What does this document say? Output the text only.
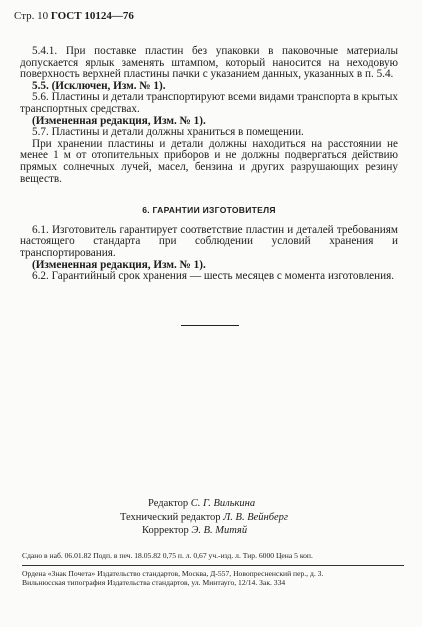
Стр. 10 ГОСТ 10124—76

5.4.1. При поставке пластин без упаковки в паковочные материалы допускается ярлык заменять штампом, который наносится на неходовую поверхность верхней пластины пачки с указанием данных, указанных в п. 5.4.

5.5. (Исключен, Изм. № 1).

5.6. Пластины и детали транспортируют всеми видами транспорта в крытых транспортных средствах.

(Измененная редакция, Изм. № 1).

5.7. Пластины и детали должны храниться в помещении.

При хранении пластины и детали должны находиться на расстоянии не менее 1 м от отопительных приборов и не должны подвергаться действию прямых солнечных лучей, масел, бензина и других разрушающих резину веществ.

6. ГАРАНТИИ ИЗГОТОВИТЕЛЯ

6.1. Изготовитель гарантирует соответствие пластин и деталей требованиям настоящего стандарта при соблюдении условий хранения и транспортирования.

(Измененная редакция, Изм. № 1).

6.2. Гарантийный срок хранения — шесть месяцев с момента изготовления.

Редактор С. Г. Вилькина
Технический редактор Л. В. Вейнберг
Корректор Э. В. Митяй
Сдано в наб. 06.01.82 Подп. в печ. 18.05.82 0,75 п. л. 0,67 уч.-изд. л. Тир. 6000 Цена 5 коп.
Ордена «Знак Почета» Издательство стандартов, Москва, Д-557, Новопресненский пер., д. 3.
Вильнюсская типография Издательства стандартов, ул. Минтауго, 12/14. Зак. 334
